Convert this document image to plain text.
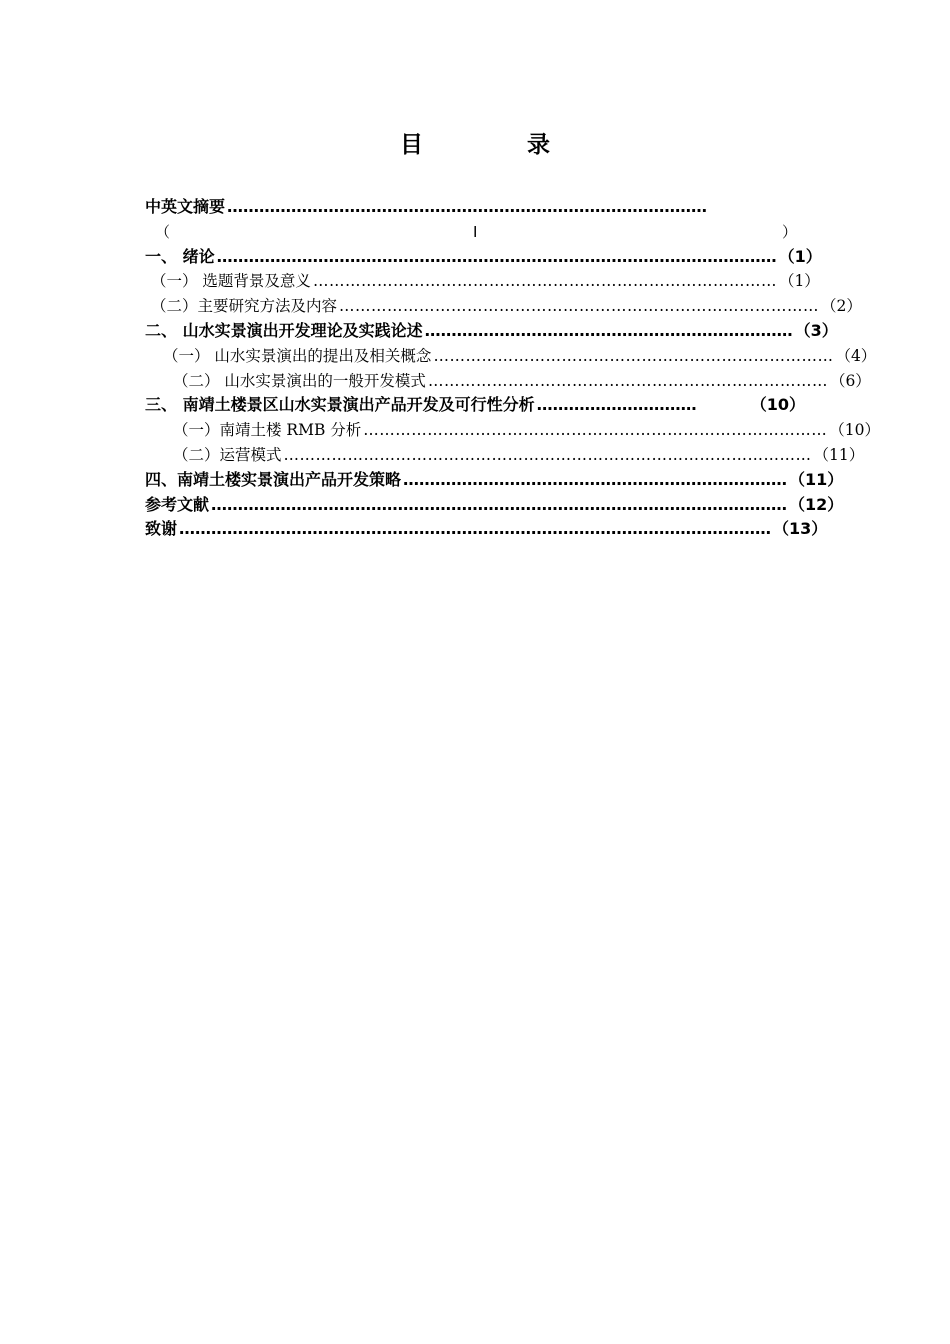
目	录
中英文摘要 ………………………………………………………………………………
（	I	）
一、 绪论 …………………………………………………………………………………………… （1）
（一） 选题背景及意义 …………………………………………………………………………… （1）
（二）主要研究方法及内容 ……………………………………………………………………………… （2）
二、 山水实景演出开发理论及实践论述 …………………………………………………………… （3）
（一） 山水实景演出的提出及相关概念 ………………………………………………………………… （4）
（二） 山水实景演出的一般开发模式 ………………………………………………………………… （6）
三、 南靖土楼景区山水实景演出产品开发及可行性分析 …………………………	（10）
（一）南靖土楼 RMB 分析 …………………………………………………………………………… （10）
（二）运营模式 ……………………………………………………………………………………… （11）
四、南靖土楼实景演出产品开发策略 ……………………………………………………………… （11）
参考文献 ……………………………………………………………………………………………… （12）
致谢 ………………………………………………………………………………………………… （13）
